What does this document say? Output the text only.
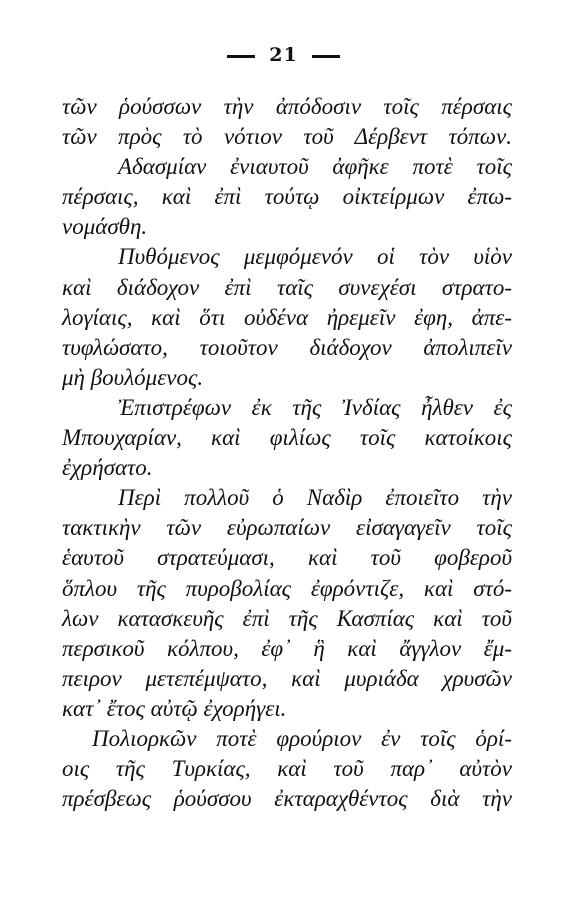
21
τῶν ῥούσσων τὴν ἀπόδοσιν τοῖς πέρσαις
τῶν πρὸς τὸ νότιον τοῦ Δέρβεντ τόπων.
Αδασμίαν ἐνιαυτοῦ ἀφῆκε ποτὲ τοῖς
πέρσαις, καὶ ἐπὶ τούτῳ οἰκτείρμων ἐπω-
νομάσθη.
Πυθόμενος μεμφόμενόν οἱ τὸν υἱὸν
καὶ διάδοχον ἐπὶ ταῖς συνεχέσι στρατο-
λογίαις, καὶ ὅτι οὐδένα ἠρεμεῖν ἐφη, ἀπε-
τυφλώσατο, τοιοῦτον διάδοχον ἀπολιπεῖν
μὴ βουλόμενος.
Ἐπιστρέφων ἐκ τῆς Ἰνδίας ἦλθεν ἐς
Μπουχαρίαν, καὶ φιλίως τοῖς κατοίκοις
ἐχρήσατο.
Περὶ πολλοῦ ὁ Ναδὶρ ἐποιεῖτο τὴν
τακτικὴν τῶν εὐρωπαίων εἰσαγαγεῖν τοῖς
ἑαυτοῦ στρατεύμασι, καὶ τοῦ φοβεροῦ
ὅπλου τῆς πυροβολίας ἐφρόντιζε, καὶ στό-
λων κατασκευῆς ἐπὶ τῆς Κασπίας καὶ τοῦ
περσικοῦ κόλπου, ἐφ᾽ ἣ καὶ ἄγγλον ἔμ-
πειρον μετεπέμψατο, καὶ μυριάδα χρυσῶν
κατ᾽ ἔτος αὐτῷ ἐχορήγει.
Πολιορκῶν ποτὲ φρούριον ἐν τοῖς ὁρί-
οις τῆς Τυρκίας, καὶ τοῦ παρ᾽ αὐτὸν
πρέσβεως ῥούσσου ἐκταραχθέντος διὰ τὴν
